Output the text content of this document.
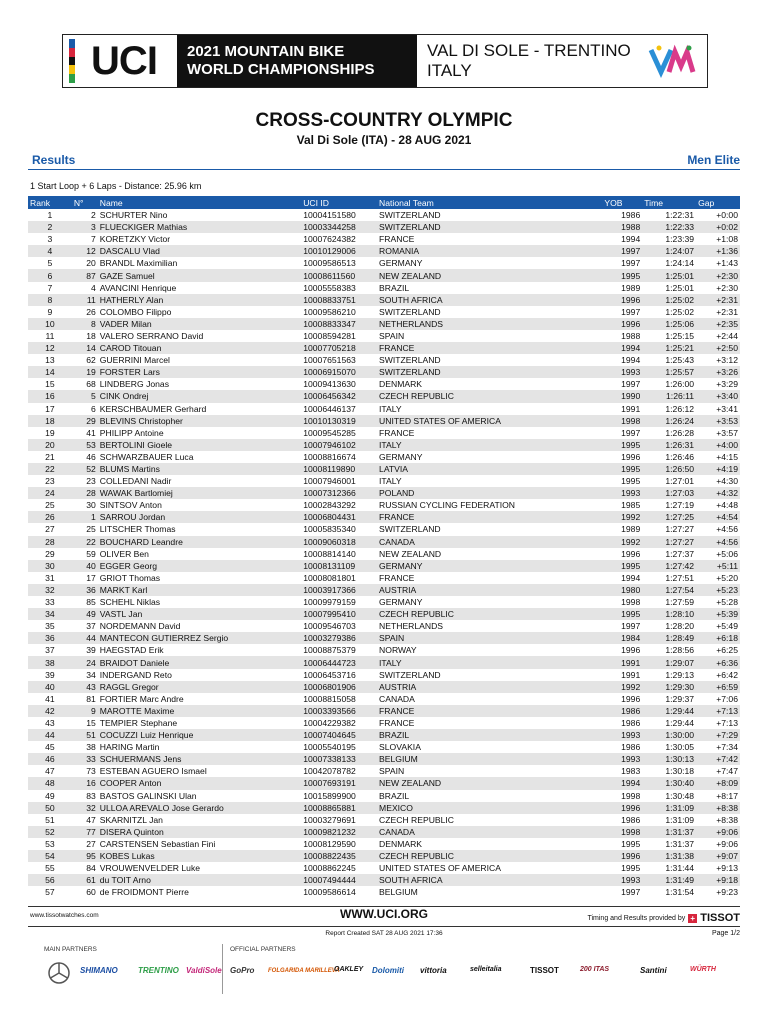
UCI 2021 MOUNTAIN BIKE
WORLD CHAMPIONSHIPS
VAL DI SOLE - TRENTINO
ITALY
CROSS-COUNTRY OLYMPIC
Val Di Sole (ITA) - 28 AUG 2021
Results	Men Elite
1 Start Loop + 6 Laps - Distance: 25.96 km
Rank	N°	Name	UCI ID	National Team	YOB	Time	Gap
1	2	SCHURTER Nino	10004151580	SWITZERLAND	1986	1:22:31	+0:00
2	3	FLUECKIGER Mathias	10003344258	SWITZERLAND	1988	1:22:33	+0:02
3	7	KORETZKY Victor	10007624382	FRANCE	1994	1:23:39	+1:08
4	12	DASCALU Vlad	10010129006	ROMANIA	1997	1:24:07	+1:36
5	20	BRANDL Maximilian	10009586513	GERMANY	1997	1:24:14	+1:43
6	87	GAZE Samuel	10008611560	NEW ZEALAND	1995	1:25:01	+2:30
7	4	AVANCINI Henrique	10005558383	BRAZIL	1989	1:25:01	+2:30
8	11	HATHERLY Alan	10008833751	SOUTH AFRICA	1996	1:25:02	+2:31
9	26	COLOMBO Filippo	10009586210	SWITZERLAND	1997	1:25:02	+2:31
10	8	VADER Milan	10008833347	NETHERLANDS	1996	1:25:06	+2:35
11	18	VALERO SERRANO David	10008594281	SPAIN	1988	1:25:15	+2:44
12	14	CAROD Titouan	10007705218	FRANCE	1994	1:25:21	+2:50
13	62	GUERRINI Marcel	10007651563	SWITZERLAND	1994	1:25:43	+3:12
14	19	FORSTER Lars	10006915070	SWITZERLAND	1993	1:25:57	+3:26
15	68	LINDBERG Jonas	10009413630	DENMARK	1997	1:26:00	+3:29
16	5	CINK Ondrej	10006456342	CZECH REPUBLIC	1990	1:26:11	+3:40
17	6	KERSCHBAUMER Gerhard	10006446137	ITALY	1991	1:26:12	+3:41
18	29	BLEVINS Christopher	10010130319	UNITED STATES OF AMERICA	1998	1:26:24	+3:53
19	41	PHILIPP Antoine	10009545285	FRANCE	1997	1:26:28	+3:57
20	53	BERTOLINI Gioele	10007946102	ITALY	1995	1:26:31	+4:00
21	46	SCHWARZBAUER Luca	10008816674	GERMANY	1996	1:26:46	+4:15
22	52	BLUMS Martins	10008119890	LATVIA	1995	1:26:50	+4:19
23	23	COLLEDANI Nadir	10007946001	ITALY	1995	1:27:01	+4:30
24	28	WAWAK Bartlomiej	10007312366	POLAND	1993	1:27:03	+4:32
25	30	SINTSOV Anton	10002843292	RUSSIAN CYCLING FEDERATION	1985	1:27:19	+4:48
26	1	SARROU Jordan	10006804431	FRANCE	1992	1:27:25	+4:54
27	25	LITSCHER Thomas	10005835340	SWITZERLAND	1989	1:27:27	+4:56
28	22	BOUCHARD Leandre	10009060318	CANADA	1992	1:27:27	+4:56
29	59	OLIVER Ben	10008814140	NEW ZEALAND	1996	1:27:37	+5:06
30	40	EGGER Georg	10008131109	GERMANY	1995	1:27:42	+5:11
31	17	GRIOT Thomas	10008081801	FRANCE	1994	1:27:51	+5:20
32	36	MARKT Karl	10003917366	AUSTRIA	1980	1:27:54	+5:23
33	85	SCHEHL Niklas	10009979159	GERMANY	1998	1:27:59	+5:28
34	49	VASTL Jan	10007995410	CZECH REPUBLIC	1995	1:28:10	+5:39
35	37	NORDEMANN David	10009546703	NETHERLANDS	1997	1:28:20	+5:49
36	44	MANTECON GUTIERREZ Sergio	10003279386	SPAIN	1984	1:28:49	+6:18
37	39	HAEGSTAD Erik	10008875379	NORWAY	1996	1:28:56	+6:25
38	24	BRAIDOT Daniele	10006444723	ITALY	1991	1:29:07	+6:36
39	34	INDERGAND Reto	10006453716	SWITZERLAND	1991	1:29:13	+6:42
40	43	RAGGL Gregor	10006801906	AUSTRIA	1992	1:29:30	+6:59
41	81	FORTIER Marc Andre	10008815058	CANADA	1996	1:29:37	+7:06
42	9	MAROTTE Maxime	10003393566	FRANCE	1986	1:29:44	+7:13
43	15	TEMPIER Stephane	10004229382	FRANCE	1986	1:29:44	+7:13
44	51	COCUZZI Luiz Henrique	10007404645	BRAZIL	1993	1:30:00	+7:29
45	38	HARING Martin	10005540195	SLOVAKIA	1986	1:30:05	+7:34
46	33	SCHUERMANS Jens	10007338133	BELGIUM	1993	1:30:13	+7:42
47	73	ESTEBAN AGUERO Ismael	10042078782	SPAIN	1983	1:30:18	+7:47
48	16	COOPER Anton	10007693191	NEW ZEALAND	1994	1:30:40	+8:09
49	83	BASTOS GALINSKI Ulan	10015899900	BRAZIL	1998	1:30:48	+8:17
50	32	ULLOA AREVALO Jose Gerardo	10008865881	MEXICO	1996	1:31:09	+8:38
51	47	SKARNITZL Jan	10003279691	CZECH REPUBLIC	1986	1:31:09	+8:38
52	77	DISERA Quinton	10009821232	CANADA	1998	1:31:37	+9:06
53	27	CARSTENSEN Sebastian Fini	10008129590	DENMARK	1995	1:31:37	+9:06
54	95	KOBES Lukas	10008822435	CZECH REPUBLIC	1996	1:31:38	+9:07
55	84	VROUWENVELDER Luke	10008862245	UNITED STATES OF AMERICA	1995	1:31:44	+9:13
56	61	du TOIT Arno	10007494444	SOUTH AFRICA	1993	1:31:49	+9:18
57	60	de FROIDMONT Pierre	10009586614	BELGIUM	1997	1:31:54	+9:23
www.tissotwatches.com	WWW.UCI.ORG	Timing and Results provided by + TISSOT
Report Created SAT 28 AUG 2021 17:36	Page 1/2
MAIN PARTNERS	OFFICIAL PARTNERS
SHIMANO	TRENTINO ValdiSole GoPro FOLGARIDA MARILLEVA
OAKLEY Dolomiti vittoria	selleitalia	TISSOT	200 ITAS	Santini	WÜRTH
